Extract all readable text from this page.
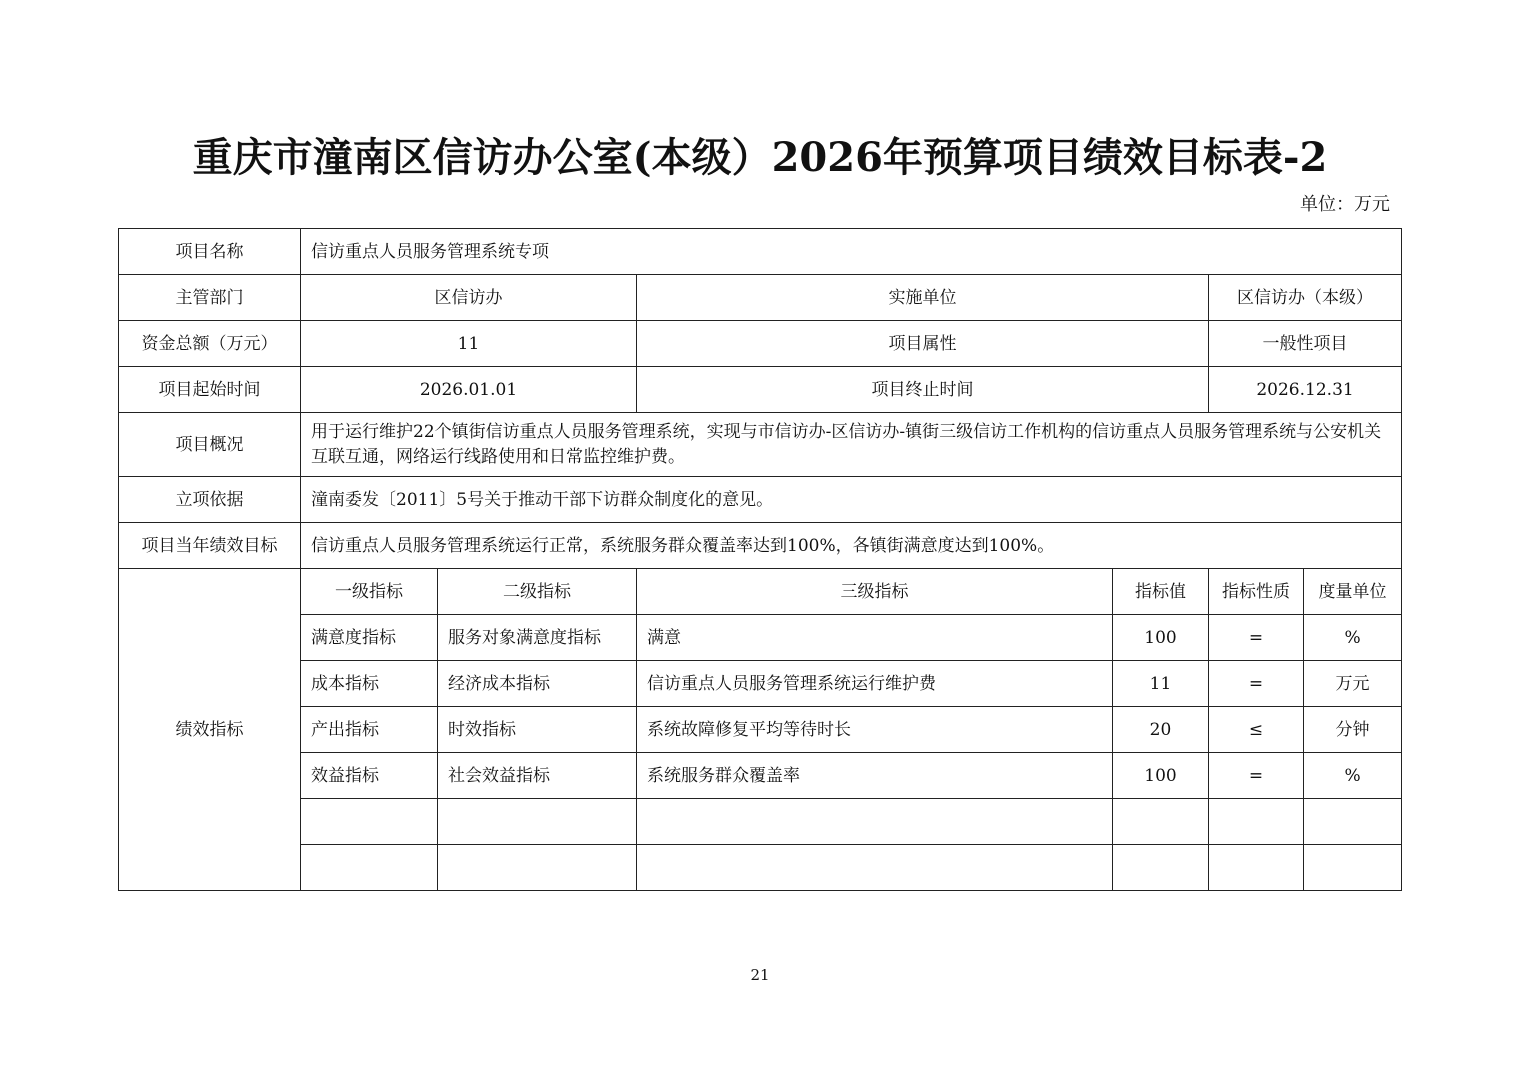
重庆市潼南区信访办公室(本级）2026年预算项目绩效目标表-2
单位：万元
项目名称	信访重点人员服务管理系统专项					
主管部门	区信访办		实施单位		区信访办（本级）	
资金总额（万元）	11		项目属性		一般性项目	
项目起始时间	2026.01.01		项目终止时间		2026.12.31	
项目概况	用于运行维护22个镇街信访重点人员服务管理系统，实现与市信访办-区信访办-镇街三级信访工作机构的信访重点人员服务管理系统与公安机关互联互通，网络运行线路使用和日常监控维护费。					
立项依据	潼南委发〔2011〕5号关于推动干部下访群众制度化的意见。					
项目当年绩效目标	信访重点人员服务管理系统运行正常，系统服务群众覆盖率达到100%，各镇街满意度达到100%。					
绩效指标	一级指标	二级指标	三级指标	指标值	指标性质	度量单位
	满意度指标	服务对象满意度指标	满意	100	=	%
	成本指标	经济成本指标	信访重点人员服务管理系统运行维护费	11	=	万元
	产出指标	时效指标	系统故障修复平均等待时长	20	≤	分钟
	效益指标	社会效益指标	系统服务群众覆盖率	100	=	%

21
